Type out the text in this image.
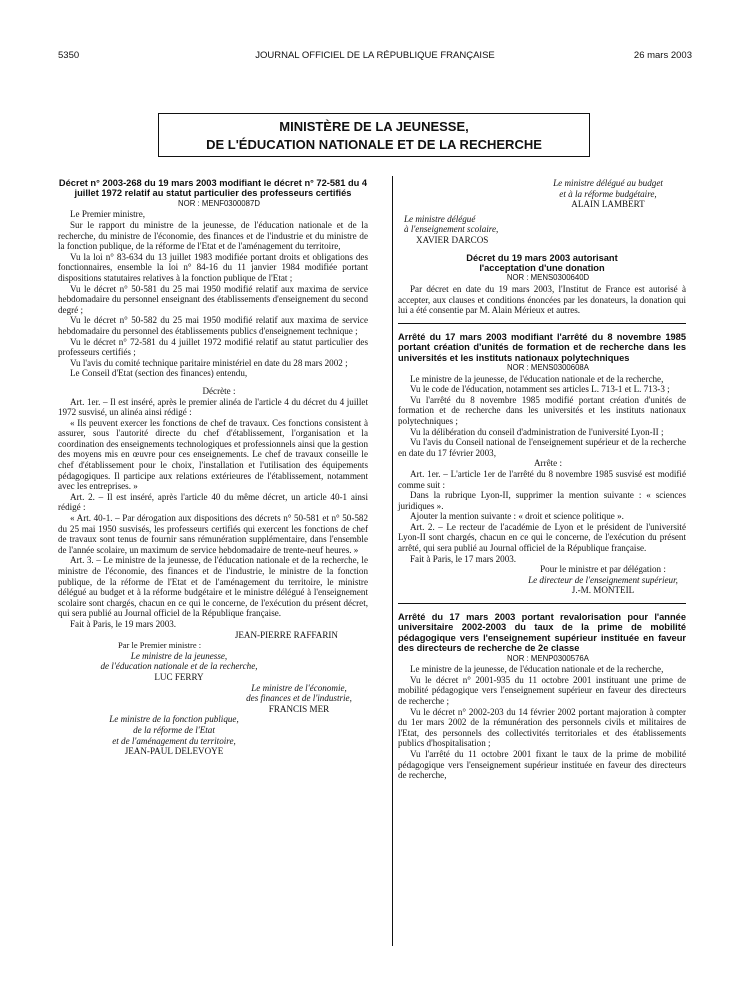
5350	JOURNAL OFFICIEL DE LA RÉPUBLIQUE FRANÇAISE	26 mars 2003
MINISTÈRE DE LA JEUNESSE,
DE L'ÉDUCATION NATIONALE ET DE LA RECHERCHE

Décret n° 2003-268 du 19 mars 2003 modifiant le décret n° 72-581 du 4 juillet 1972 relatif au statut particulier des professeurs certifiés

NOR : MENF0300087D

Le Premier ministre,

Sur le rapport du ministre de la jeunesse, de l'éducation nationale et de la recherche, du ministre de l'économie, des finances et de l'industrie et du ministre de la fonction publique, de la réforme de l'Etat et de l'aménagement du territoire,

Vu la loi n° 83-634 du 13 juillet 1983 modifiée portant droits et obligations des fonctionnaires, ensemble la loi n° 84-16 du 11 janvier 1984 modifiée portant dispositions statutaires relatives à la fonction publique de l'Etat ;

Vu le décret n° 50-581 du 25 mai 1950 modifié relatif aux maxima de service hebdomadaire du personnel enseignant des établissements d'enseignement du second degré ;

Vu le décret n° 50-582 du 25 mai 1950 modifié relatif aux maxima de service hebdomadaire du personnel des établissements publics d'enseignement technique ;

Vu le décret n° 72-581 du 4 juillet 1972 modifié relatif au statut particulier des professeurs certifiés ;

Vu l'avis du comité technique paritaire ministériel en date du 28 mars 2002 ;

Le Conseil d'Etat (section des finances) entendu,

Décrète :

Art. 1er. – Il est inséré, après le premier alinéa de l'article 4 du décret du 4 juillet 1972 susvisé, un alinéa ainsi rédigé :

« Ils peuvent exercer les fonctions de chef de travaux. Ces fonctions consistent à assurer, sous l'autorité directe du chef d'établissement, l'organisation et la coordination des enseignements technologiques et professionnels ainsi que la gestion des moyens mis en œuvre pour ces enseignements. Le chef de travaux conseille le chef d'établissement pour le choix, l'installation et l'utilisation des équipements pédagogiques. Il participe aux relations extérieures de l'établissement, notamment avec les entreprises. »

Art. 2. – Il est inséré, après l'article 40 du même décret, un article 40-1 ainsi rédigé :

« Art. 40-1. – Par dérogation aux dispositions des décrets n° 50-581 et n° 50-582 du 25 mai 1950 susvisés, les professeurs certifiés qui exercent les fonctions de chef de travaux sont tenus de fournir sans rémunération supplémentaire, dans l'ensemble de l'année scolaire, un maximum de service hebdomadaire de trente-neuf heures. »

Art. 3. – Le ministre de la jeunesse, de l'éducation nationale et de la recherche, le ministre de l'économie, des finances et de l'industrie, le ministre de la fonction publique, de la réforme de l'Etat et de l'aménagement du territoire, le ministre délégué au budget et à la réforme budgétaire et le ministre délégué à l'enseignement scolaire sont chargés, chacun en ce qui le concerne, de l'exécution du présent décret, qui sera publié au Journal officiel de la République française.

Fait à Paris, le 19 mars 2003.

JEAN-PIERRE RAFFARIN

Par le Premier ministre :

Le ministre de la jeunesse,

de l'éducation nationale et de la recherche,

LUC FERRY

Le ministre de l'économie,

des finances et de l'industrie,

FRANCIS MER

Le ministre de la fonction publique,

de la réforme de l'Etat

et de l'aménagement du territoire,

JEAN-PAUL DELEVOYE

Le ministre délégué au budget

et à la réforme budgétaire,

ALAIN LAMBERT

Le ministre délégué

à l'enseignement scolaire,

XAVIER DARCOS

Décret du 19 mars 2003 autorisant l'acceptation d'une donation

NOR : MENS0300640D

Par décret en date du 19 mars 2003, l'Institut de France est autorisé à accepter, aux clauses et conditions énoncées par les donateurs, la donation qui lui a été consentie par M. Alain Mérieux et autres.

Arrêté du 17 mars 2003 modifiant l'arrêté du 8 novembre 1985 portant création d'unités de formation et de recherche dans les universités et les instituts nationaux polytechniques

NOR : MENS0300608A

Le ministre de la jeunesse, de l'éducation nationale et de la recherche,

Vu le code de l'éducation, notamment ses articles L. 713-1 et L. 713-3 ;

Vu l'arrêté du 8 novembre 1985 modifié portant création d'unités de formation et de recherche dans les universités et les instituts nationaux polytechniques ;

Vu la délibération du conseil d'administration de l'université Lyon-II ;

Vu l'avis du Conseil national de l'enseignement supérieur et de la recherche en date du 17 février 2003,

Arrête :

Art. 1er. – L'article 1er de l'arrêté du 8 novembre 1985 susvisé est modifié comme suit :

Dans la rubrique Lyon-II, supprimer la mention suivante : « sciences juridiques ».

Ajouter la mention suivante : « droit et science politique ».

Art. 2. – Le recteur de l'académie de Lyon et le président de l'université Lyon-II sont chargés, chacun en ce qui le concerne, de l'exécution du présent arrêté, qui sera publié au Journal officiel de la République française.

Fait à Paris, le 17 mars 2003.

Pour le ministre et par délégation :

Le directeur de l'enseignement supérieur,

J.-M. MONTEIL

Arrêté du 17 mars 2003 portant revalorisation pour l'année universitaire 2002-2003 du taux de la prime de mobilité pédagogique vers l'enseignement supérieur instituée en faveur des directeurs de recherche de 2e classe

NOR : MENP0300576A

Le ministre de la jeunesse, de l'éducation nationale et de la recherche,

Vu le décret n° 2001-935 du 11 octobre 2001 instituant une prime de mobilité pédagogique vers l'enseignement supérieur en faveur des directeurs de recherche ;

Vu le décret n° 2002-203 du 14 février 2002 portant majoration à compter du 1er mars 2002 de la rémunération des personnels civils et militaires de l'Etat, des personnels des collectivités territoriales et des établissements publics d'hospitalisation ;

Vu l'arrêté du 11 octobre 2001 fixant le taux de la prime de mobilité pédagogique vers l'enseignement supérieur instituée en faveur des directeurs de recherche,
